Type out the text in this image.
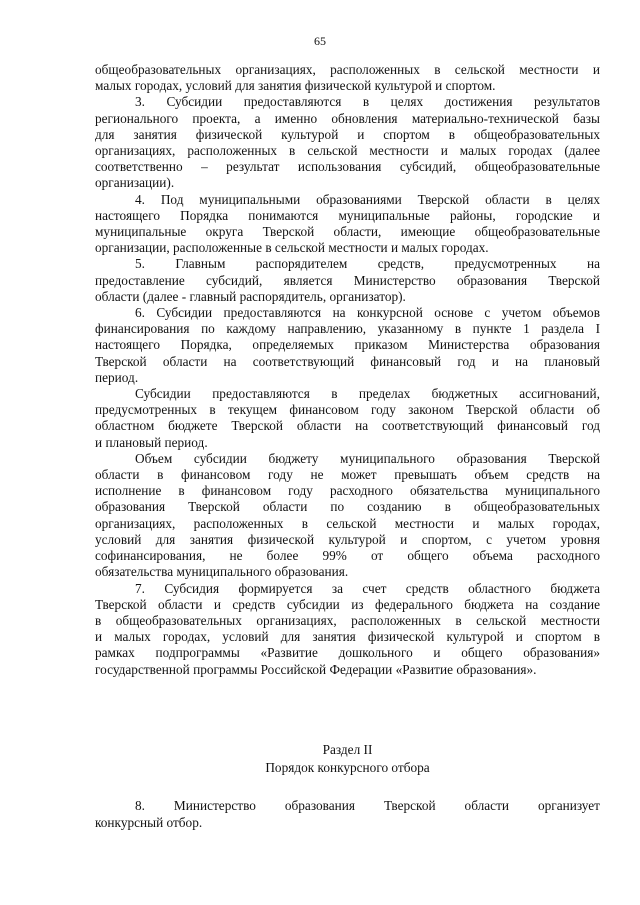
65
общеобразовательных организациях, расположенных в сельской местности и
малых городах, условий для занятия физической культурой и спортом.
3. Субсидии предоставляются в целях достижения результатов
регионального проекта, а именно обновления материально-технической базы
для занятия физической культурой и спортом в общеобразовательных
организациях, расположенных в сельской местности и малых городах (далее
соответственно – результат использования субсидий, общеобразовательные
организации).
4. Под муниципальными образованиями Тверской области в целях
настоящего Порядка понимаются муниципальные районы, городские и
муниципальные округа Тверской области, имеющие общеобразовательные
организации, расположенные в сельской местности и малых городах.
5. Главным распорядителем средств, предусмотренных на
предоставление субсидий, является Министерство образования Тверской
области (далее - главный распорядитель, организатор).
6. Субсидии предоставляются на конкурсной основе с учетом объемов
финансирования по каждому направлению, указанному в пункте 1 раздела I
настоящего Порядка, определяемых приказом Министерства образования
Тверской области на соответствующий финансовый год и на плановый
период.
Субсидии предоставляются в пределах бюджетных ассигнований,
предусмотренных в текущем финансовом году законом Тверской области об
областном бюджете Тверской области на соответствующий финансовый год
и плановый период.
Объем субсидии бюджету муниципального образования Тверской
области в финансовом году не может превышать объем средств на
исполнение в финансовом году расходного обязательства муниципального
образования Тверской области по созданию в общеобразовательных
организациях, расположенных в сельской местности и малых городах,
условий для занятия физической культурой и спортом, с учетом уровня
софинансирования, не более 99% от общего объема расходного
обязательства муниципального образования.
7. Субсидия формируется за счет средств областного бюджета
Тверской области и средств субсидии из федерального бюджета на создание
в общеобразовательных организациях, расположенных в сельской местности
и малых городах, условий для занятия физической культурой и спортом в
рамках подпрограммы «Развитие дошкольного и общего образования»
государственной программы Российской Федерации «Развитие образования».
Раздел II
Порядок конкурсного отбора
8. Министерство образования Тверской области организует
конкурсный отбор.
